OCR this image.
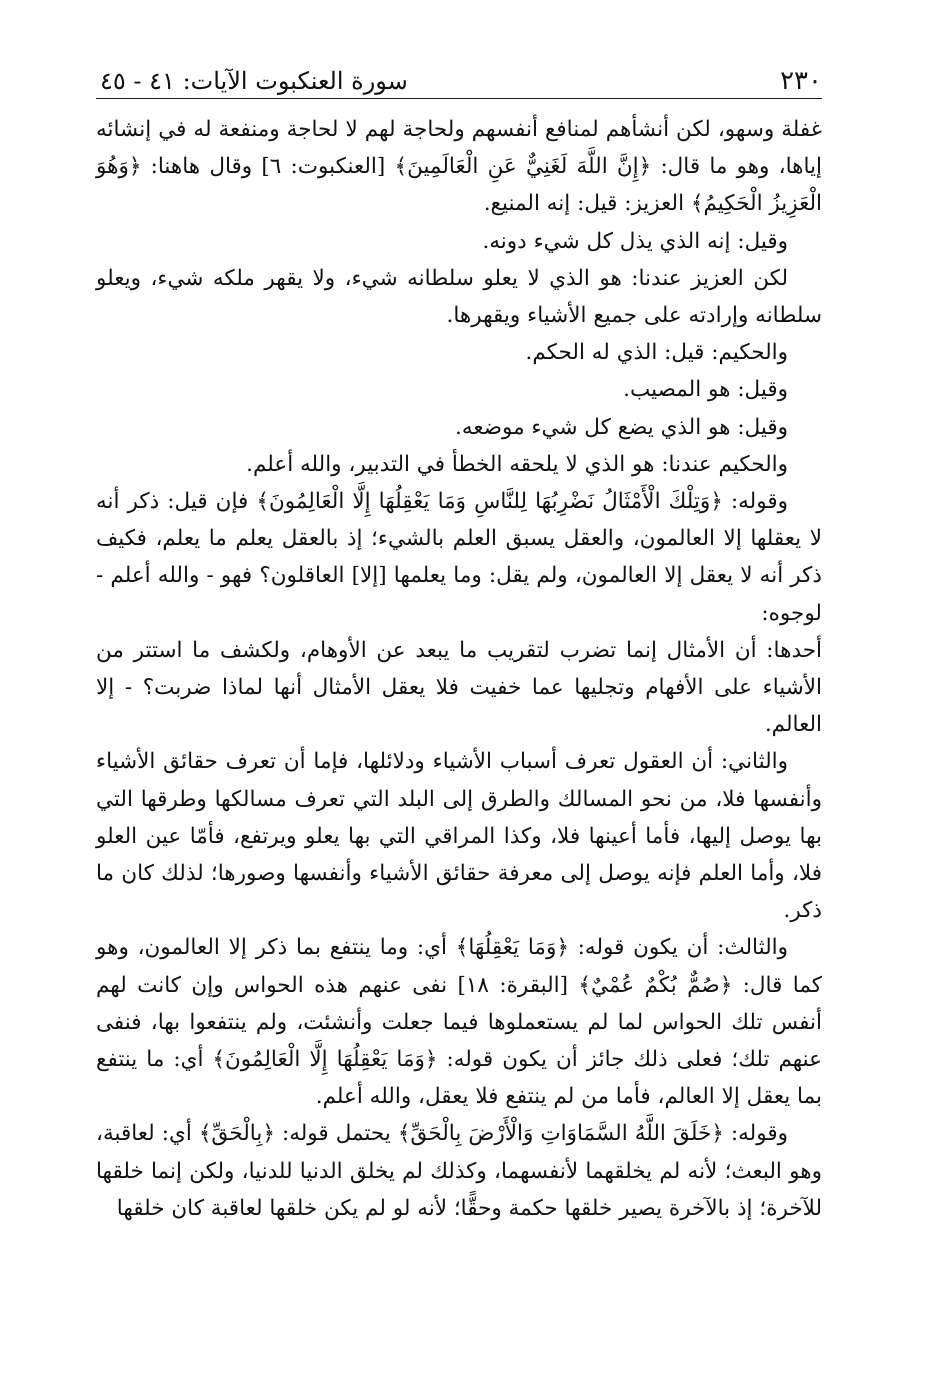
٢٣٠
سورة العنكبوت الآيات: ٤١ - ٤٥

غفلة وسهو، لكن أنشأهم لمنافع أنفسهم ولحاجة لهم لا لحاجة ومنفعة له في إنشائه إياها، وهو ما قال: ﴿إِنَّ اللَّهَ لَغَنِيٌّ عَنِ الْعَالَمِينَ﴾ [العنكبوت: ٦] وقال هاهنا: ﴿وَهُوَ الْعَزِيزُ الْحَكِيمُ﴾ العزيز: قيل: إنه المنيع.

وقيل: إنه الذي يذل كل شيء دونه.

لكن العزيز عندنا: هو الذي لا يعلو سلطانه شيء، ولا يقهر ملكه شيء، ويعلو سلطانه وإرادته على جميع الأشياء ويقهرها.

والحكيم: قيل: الذي له الحكم.

وقيل: هو المصيب.

وقيل: هو الذي يضع كل شيء موضعه.

والحكيم عندنا: هو الذي لا يلحقه الخطأ في التدبير، والله أعلم.

وقوله: ﴿وَتِلْكَ الْأَمْثَالُ نَضْرِبُهَا لِلنَّاسِ وَمَا يَعْقِلُهَا إِلَّا الْعَالِمُونَ﴾ فإن قيل: ذكر أنه لا يعقلها إلا العالمون، والعقل يسبق العلم بالشيء؛ إذ بالعقل يعلم ما يعلم، فكيف ذكر أنه لا يعقل إلا العالمون، ولم يقل: وما يعلمها [إلا] العاقلون؟ فهو - والله أعلم - لوجوه:

أحدها: أن الأمثال إنما تضرب لتقريب ما يبعد عن الأوهام، ولكشف ما استتر من الأشياء على الأفهام وتجليها عما خفيت فلا يعقل الأمثال أنها لماذا ضربت؟ - إلا العالم.

والثاني: أن العقول تعرف أسباب الأشياء ودلائلها، فإما أن تعرف حقائق الأشياء وأنفسها فلا، من نحو المسالك والطرق إلى البلد التي تعرف مسالكها وطرقها التي بها يوصل إليها، فأما أعينها فلا، وكذا المراقي التي بها يعلو ويرتفع، فأمّا عين العلو فلا، وأما العلم فإنه يوصل إلى معرفة حقائق الأشياء وأنفسها وصورها؛ لذلك كان ما ذكر.

والثالث: أن يكون قوله: ﴿وَمَا يَعْقِلُهَا﴾ أي: وما ينتفع بما ذكر إلا العالمون، وهو كما قال: ﴿صُمٌّ بُكْمٌ عُمْيٌ﴾ [البقرة: ١٨] نفى عنهم هذه الحواس وإن كانت لهم أنفس تلك الحواس لما لم يستعملوها فيما جعلت وأنشئت، ولم ينتفعوا بها، فنفى عنهم تلك؛ فعلى ذلك جائز أن يكون قوله: ﴿وَمَا يَعْقِلُهَا إِلَّا الْعَالِمُونَ﴾ أي: ما ينتفع بما يعقل إلا العالم، فأما من لم ينتفع فلا يعقل، والله أعلم.

وقوله: ﴿خَلَقَ اللَّهُ السَّمَاوَاتِ وَالْأَرْضَ بِالْحَقِّ﴾ يحتمل قوله: ﴿بِالْحَقِّ﴾ أي: لعاقبة، وهو البعث؛ لأنه لم يخلقهما لأنفسهما، وكذلك لم يخلق الدنيا للدنيا، ولكن إنما خلقها للآخرة؛ إذ بالآخرة يصير خلقها حكمة وحقًّا؛ لأنه لو لم يكن خلقها لعاقبة كان خلقها
